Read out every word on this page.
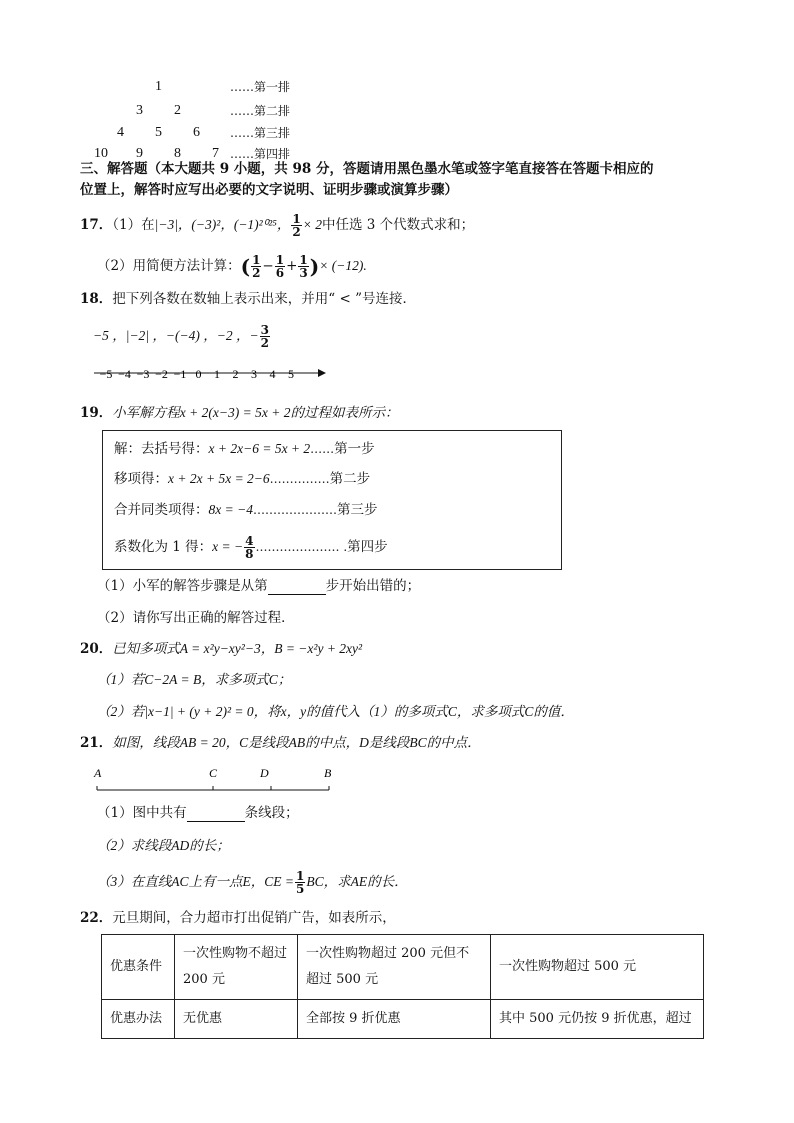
1	……第一排
3 2	……第二排
4 5 6	……第三排
10 9 8 7 ……第四排
三、解答题（本大题共 9 小题，共 98 分，答题请用黑色墨水笔或签字笔直接答在答题卡相应的
位置上，解答时应写出必要的文字说明、证明步骤或演算步骤）
17．（1）在|−3|，(−3)²，(−1)²⁰²⁵， $\frac{1}{2} \times 2$中任选 3 个代数式求和；
（2）用简便方法计算：( $\frac{1}{2} - \frac{1}{6} + \frac{1}{3}$ )× (−12).
18．把下列各数在数轴上表示出来，并用“ < ”号连接．
−5 ，|−2| ，−(−4) ，−2 ，− $\frac{3}{2}$
−5 −4 −3 −2 −1 0 1 2 3 4 5
19．小军解方程x + 2(x−3) = 5x + 2的过程如表所示：
解：去括号得：x + 2x−6 = 5x + 2……第一步
移项得：x + 2x + 5x = 2−6……………第二步
合并同类项得：8x = −4…………………第三步
系数化为 1 得：x = − $\frac{4}{8}$ ………………… .第四步
（1）小军的解答步骤是从第	步开始出错的；
（2）请你写出正确的解答过程．
20．已知多项式A = x²y−xy²−3，B = −x²y + 2xy²
（1）若C−2A = B，求多项式C；
（2）若|x−1| + (y + 2)² = 0，将x，y的值代入（1）的多项式C，求多项式C的值．
21．如图，线段AB = 20，C是线段AB的中点，D是线段BC的中点．
A	C	D	B
（1）图中共有	条线段；
（2）求线段AD的长；
（3）在直线AC上有一点E，CE = $\frac{1}{5}$ BC，求AE的长．
22．元旦期间，合力超市打出促销广告，如表所示，
优惠条件	一次性购物不超过 200 元	一次性购物超过 200 元但不超过 500 元	一次性购物超过 500 元
优惠办法	无优惠	全部按 9 折优惠	其中 500 元仍按 9 折优惠，超过
